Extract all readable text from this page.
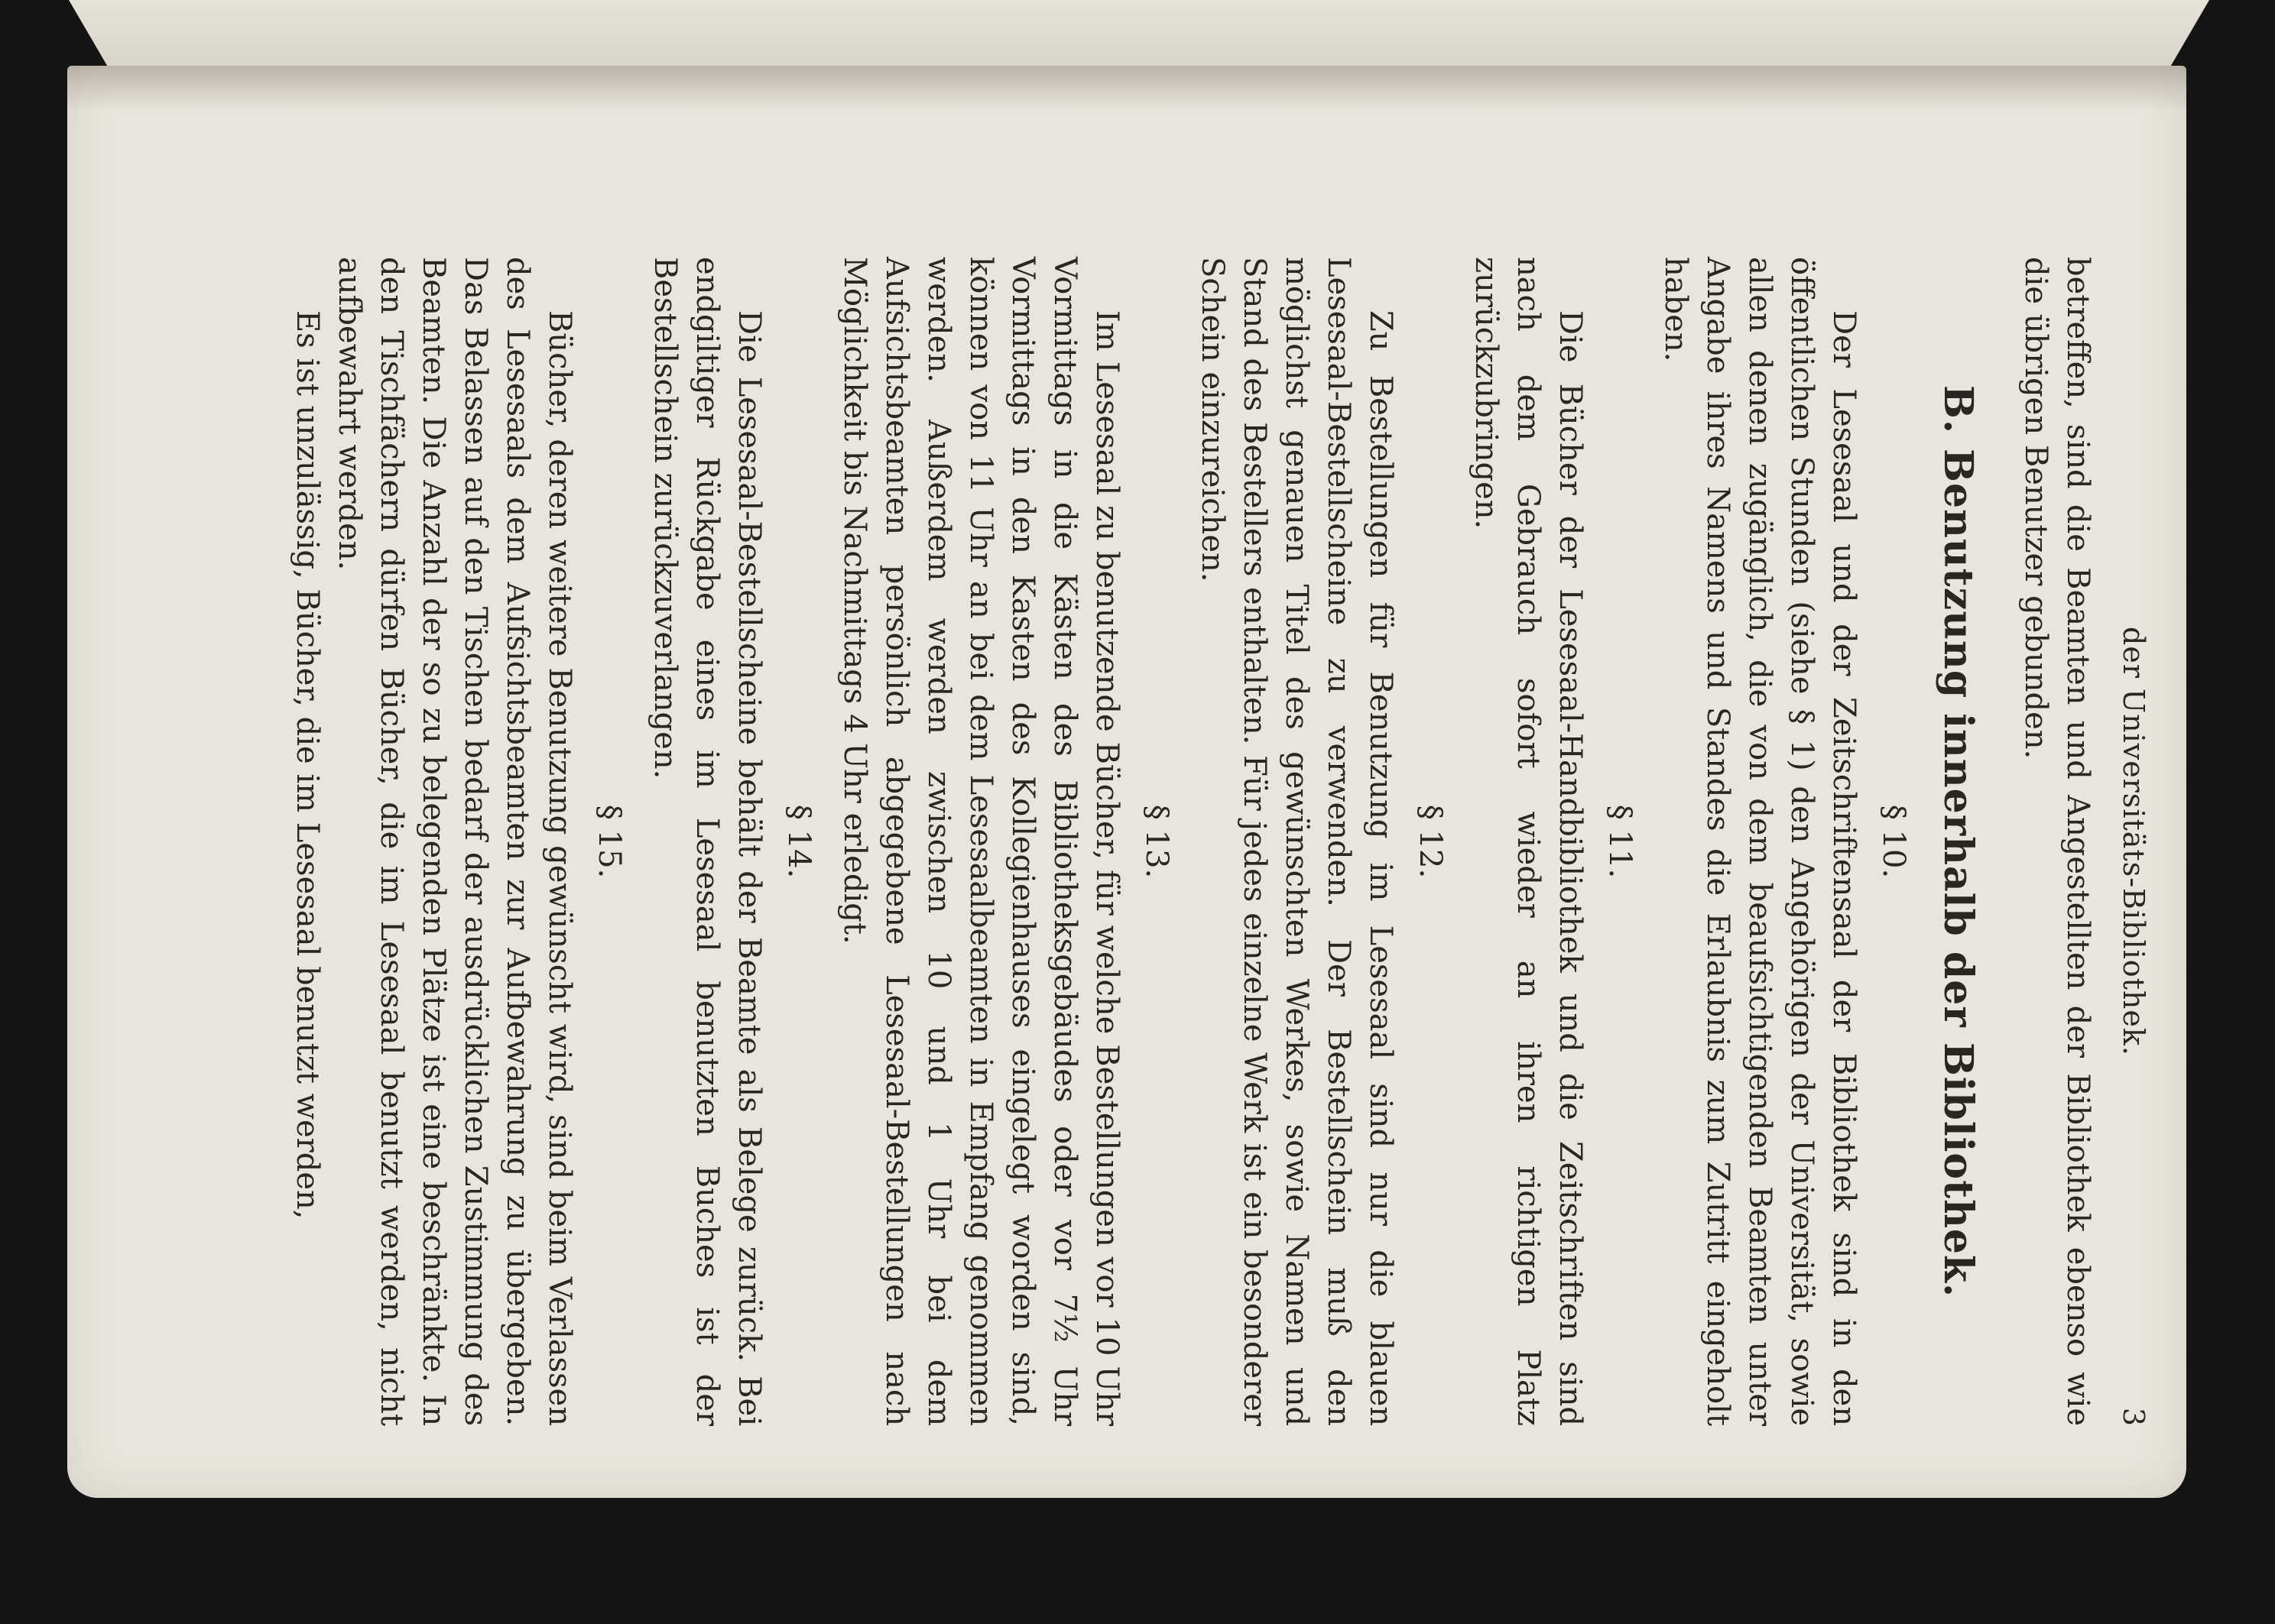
der Universitäts-Bibliothek.
3

betreffen, sind die Beamten und Angestellten der Bibliothek ebenso wie die übrigen Benutzer gebunden.

B. Benutzung innerhalb der Bibliothek.
§ 10.

Der Lesesaal und der Zeitschriftensaal der Bibliothek sind in den öffentlichen Stunden (siehe § 1) den Angehörigen der Universität, sowie allen denen zugänglich, die von dem beaufsichtigenden Beamten unter Angabe ihres Namens und Standes die Erlaubnis zum Zutritt eingeholt haben.

§ 11.

Die Bücher der Lesesaal-Handbibliothek und die Zeitschriften sind nach dem Gebrauch sofort wieder an ihren richtigen Platz zurückzubringen.

§ 12.

Zu Bestellungen für Benutzung im Lesesaal sind nur die blauen Lesesaal-Bestellscheine zu verwenden. Der Bestellschein muß den möglichst genauen Titel des gewünschten Werkes, sowie Namen und Stand des Bestellers enthalten. Für jedes einzelne Werk ist ein besonderer Schein einzureichen.

§ 13.

Im Lesesaal zu benutzende Bücher, für welche Bestellungen vor 10 Uhr Vormittags in die Kästen des Bibliotheksgebäudes oder vor 7½ Uhr Vormittags in den Kasten des Kollegienhauses eingelegt worden sind, können von 11 Uhr an bei dem Lesesaalbeamten in Empfang genommen werden. Außerdem werden zwischen 10 und 1 Uhr bei dem Aufsichtsbeamten persönlich abgegebene Lesesaal-Bestellungen nach Möglichkeit bis Nachmittags 4 Uhr erledigt.

§ 14.

Die Lesesaal-Bestellscheine behält der Beamte als Belege zurück. Bei endgiltiger Rückgabe eines im Lesesaal benutzten Buches ist der Bestellschein zurückzuverlangen.

§ 15.

Bücher, deren weitere Benutzung gewünscht wird, sind beim Verlassen des Lesesaals dem Aufsichtsbeamten zur Aufbewahrung zu übergeben. Das Belassen auf den Tischen bedarf der ausdrücklichen Zustimmung des Beamten. Die Anzahl der so zu belegenden Plätze ist eine beschränkte. In den Tischfächern dürfen Bücher, die im Lesesaal benutzt werden, nicht aufbewahrt werden.

Es ist unzulässig, Bücher, die im Lesesaal benutzt werden,
